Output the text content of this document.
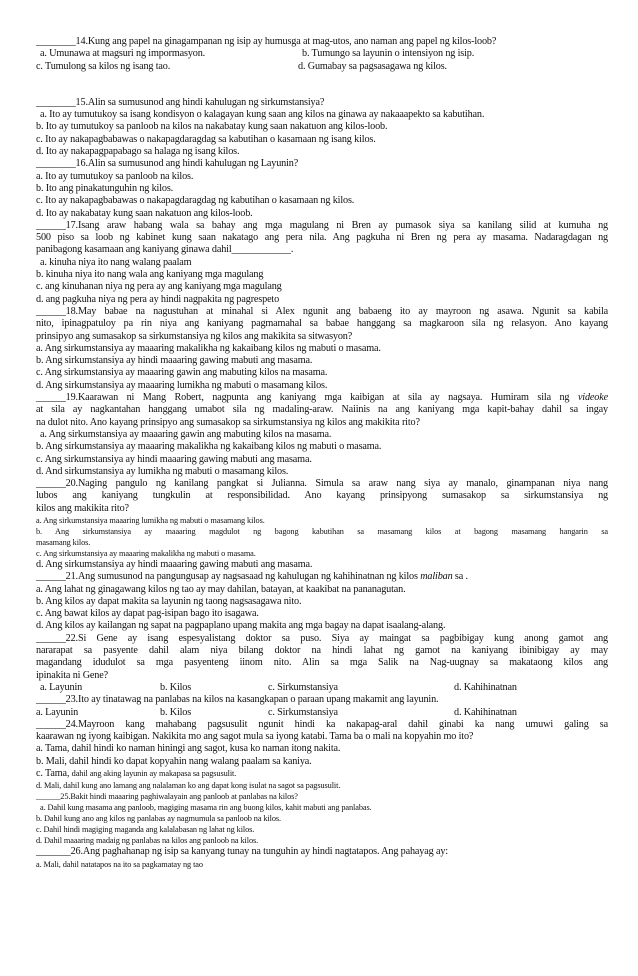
________14.Kung ang papel na ginagampanan ng isip ay humusga at mag-utos, ano naman ang papel ng kilos-loob?
a. Umunawa at magsuri ng impormasyon.	b. Tumungo sa layunin o intensiyon ng isip.
c. Tumulong sa kilos ng isang tao.	d. Gumabay sa pagsasagawa ng kilos.
________15.Alin sa sumusunod ang hindi kahulugan ng sirkumstansiya?
a. Ito ay tumutukoy sa isang kondisyon o kalagayan kung saan ang kilos na ginawa ay nakaaapekto sa kabutihan.
b. Ito ay tumutukoy sa panloob na kilos na nakabatay kung saan nakatuon ang kilos-loob.
c. Ito ay nakapagbabawas o nakapagdaragdag sa kabutihan o kasamaan ng isang kilos.
d. Ito ay nakapagpapabago sa halaga ng isang kilos.
________16.Alin sa sumusunod ang hindi kahulugan ng Layunin?
a. Ito ay tumutukoy sa panloob na kilos.
b. Ito ang pinakatunguhin ng kilos.
c. Ito ay nakapagbabawas o nakapagdaragdag ng kabutihan o kasamaan ng kilos.
d. Ito ay nakabatay kung saan nakatuon ang kilos-loob.
______17.Isang araw habang wala sa bahay ang mga magulang ni Bren ay pumasok siya sa kanilang silid at kumuha ng
500 piso sa loob ng kabinet kung saan nakatago ang pera nila. Ang pagkuha ni Bren ng pera ay masama. Nadaragdagan ng
panibagong kasamaan ang kaniyang ginawa dahil____________.
a. kinuha niya ito nang walang paalam
b. kinuha niya ito nang wala ang kaniyang mga magulang
c. ang kinuhanan niya ng pera ay ang kaniyang mga magulang
d. ang pagkuha niya ng pera ay hindi nagpakita ng pagrespeto
______18.May babae na nagustuhan at minahal si Alex ngunit ang babaeng ito ay mayroon ng asawa. Ngunit sa kabila
nito, ipinagpatuloy pa rin niya ang kaniyang pagmamahal sa babae hanggang sa magkaroon sila ng relasyon. Ano kayang
prinsipyo ang sumasakop sa sirkumstansiya ng kilos ang makikita sa sitwasyon?
a. Ang sirkumstansiya ay maaaring makalikha ng kakaibang kilos ng mabuti o masama.
b. Ang sirkumstansiya ay hindi maaaring gawing mabuti ang masama.
c. Ang sirkumstansiya ay maaaring gawin ang mabuting kilos na masama.
d. Ang sirkumstansiya ay maaaring lumikha ng mabuti o masamang kilos.
______19.Kaarawan ni Mang Robert, nagpunta ang kaniyang mga kaibigan at sila ay nagsaya. Humiram sila ng videoke
at sila ay nagkantahan hanggang umabot sila ng madaling-araw. Naiinis na ang kaniyang mga kapit-bahay dahil sa ingay
na dulot nito. Ano kayang prinsipyo ang sumasakop sa sirkumstansiya ng kilos ang makikita rito?
a. Ang sirkumstansiya ay maaaring gawin ang mabuting kilos na masama.
b. Ang sirkumstansiya ay maaaring makalikha ng kakaibang kilos ng mabuti o masama.
c. Ang sirkumstansiya ay hindi maaaring gawing mabuti ang masama.
d. And sirkumstansiya ay lumikha ng mabuti o masamang kilos.
______20.Naging pangulo ng kanilang pangkat si Julianna. Simula sa araw nang siya ay manalo, ginampanan niya nang
lubos ang kaniyang tungkulin at responsibilidad. Ano kayang prinsipyong sumasakop sa sirkumstansiya ng
kilos ang makikita rito?
a. Ang sirkumstansiya maaaring lumikha ng mabuti o masamang kilos.
b. Ang sirkumstansiya ay maaaring magdulot ng bagong kabutihan sa masamang kilos at bagong masamang hangarin sa
masamang kilos.
c. Ang sirkumstansiya ay maaaring makalikha ng mabuti o masama.
d. Ang sirkumstansiya ay hindi maaaring gawing mabuti ang masama.
______21.Ang sumusunod na pangungusap ay nagsasaad ng kahulugan ng kahihinatnan ng kilos maliban sa .
a. Ang lahat ng ginagawang kilos ng tao ay may dahilan, batayan, at kaakibat na pananagutan.
b. Ang kilos ay dapat makita sa layunin ng taong nagsasagawa nito.
c. Ang bawat kilos ay dapat pag-isipan bago ito isagawa.
d. Ang kilos ay kailangan ng sapat na pagpaplano upang makita ang mga bagay na dapat isaalang-alang.
______22.Si Gene ay isang espesyalistang doktor sa puso. Siya ay maingat sa pagbibigay kung anong gamot ang
nararapat sa pasyente dahil alam niya bilang doktor na hindi lahat ng gamot na kaniyang ibinibigay ay may
magandang idudulot sa mga pasyenteng iinom nito. Alin sa mga Salik na Nag-uugnay sa makataong kilos ang
ipinakita ni Gene?
a. Layunin	b. Kilos	c. Sirkumstansiya	d. Kahihinatnan
______23.Ito ay tinatawag na panlabas na kilos na kasangkapan o paraan upang makamit ang layunin.
a. Layunin	b. Kilos	c. Sirkumstansiya	d. Kahihinatnan
______24.Mayroon kang mahabang pagsusulit ngunit hindi ka nakapag-aral dahil ginabi ka nang umuwi galing sa
kaarawan ng iyong kaibigan. Nakikita mo ang sagot mula sa iyong katabi. Tama ba o mali na kopyahin mo ito?
a. Tama, dahil hindi ko naman hiningi ang sagot, kusa ko naman itong nakita.
b. Mali, dahil hindi ko dapat kopyahin nang walang paalam sa kaniya.
c. Tama, dahil ang aking layunin ay makapasa sa pagsusulit.
d. Mali, dahil kung ano lamang ang nalalaman ko ang dapat kong isulat na sagot sa pagsusulit.
______25.Bakit hindi maaaring paghiwalayain ang panloob at panlabas na kilos?
a. Dahil kung masama ang panloob, magiging masama rin ang buong kilos, kahit mabuti ang panlabas.
b. Dahil kung ano ang kilos ng panlabas ay nagmumula sa panloob na kilos.
c. Dahil hindi magiging maganda ang kalalabasan ng lahat ng kilos.
d. Dahil maaaring madaig ng panlabas na kilos ang panloob na kilos.
_______26.Ang paghahanap ng isip sa kanyang tunay na tunguhin ay hindi nagtatapos. Ang pahayag ay:
a. Mali, dahil natatapos na ito sa pagkamatay ng tao
